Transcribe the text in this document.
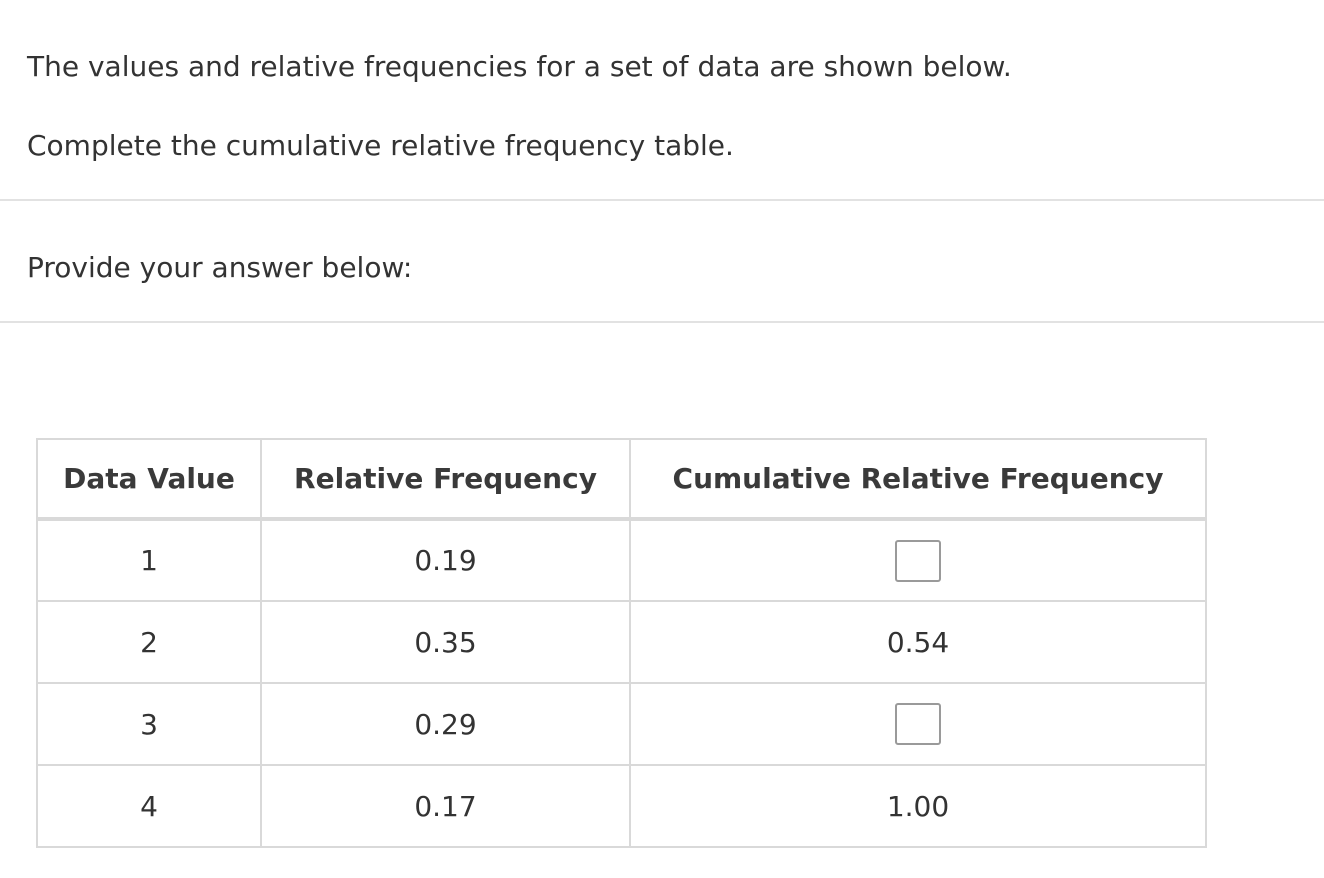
The values and relative frequencies for a set of data are shown below.
Complete the cumulative relative frequency table.
Provide your answer below:
Data Value	Relative Frequency	Cumulative Relative Frequency
1	0.19	
2	0.35	0.54
3	0.29	
4	0.17	1.00
